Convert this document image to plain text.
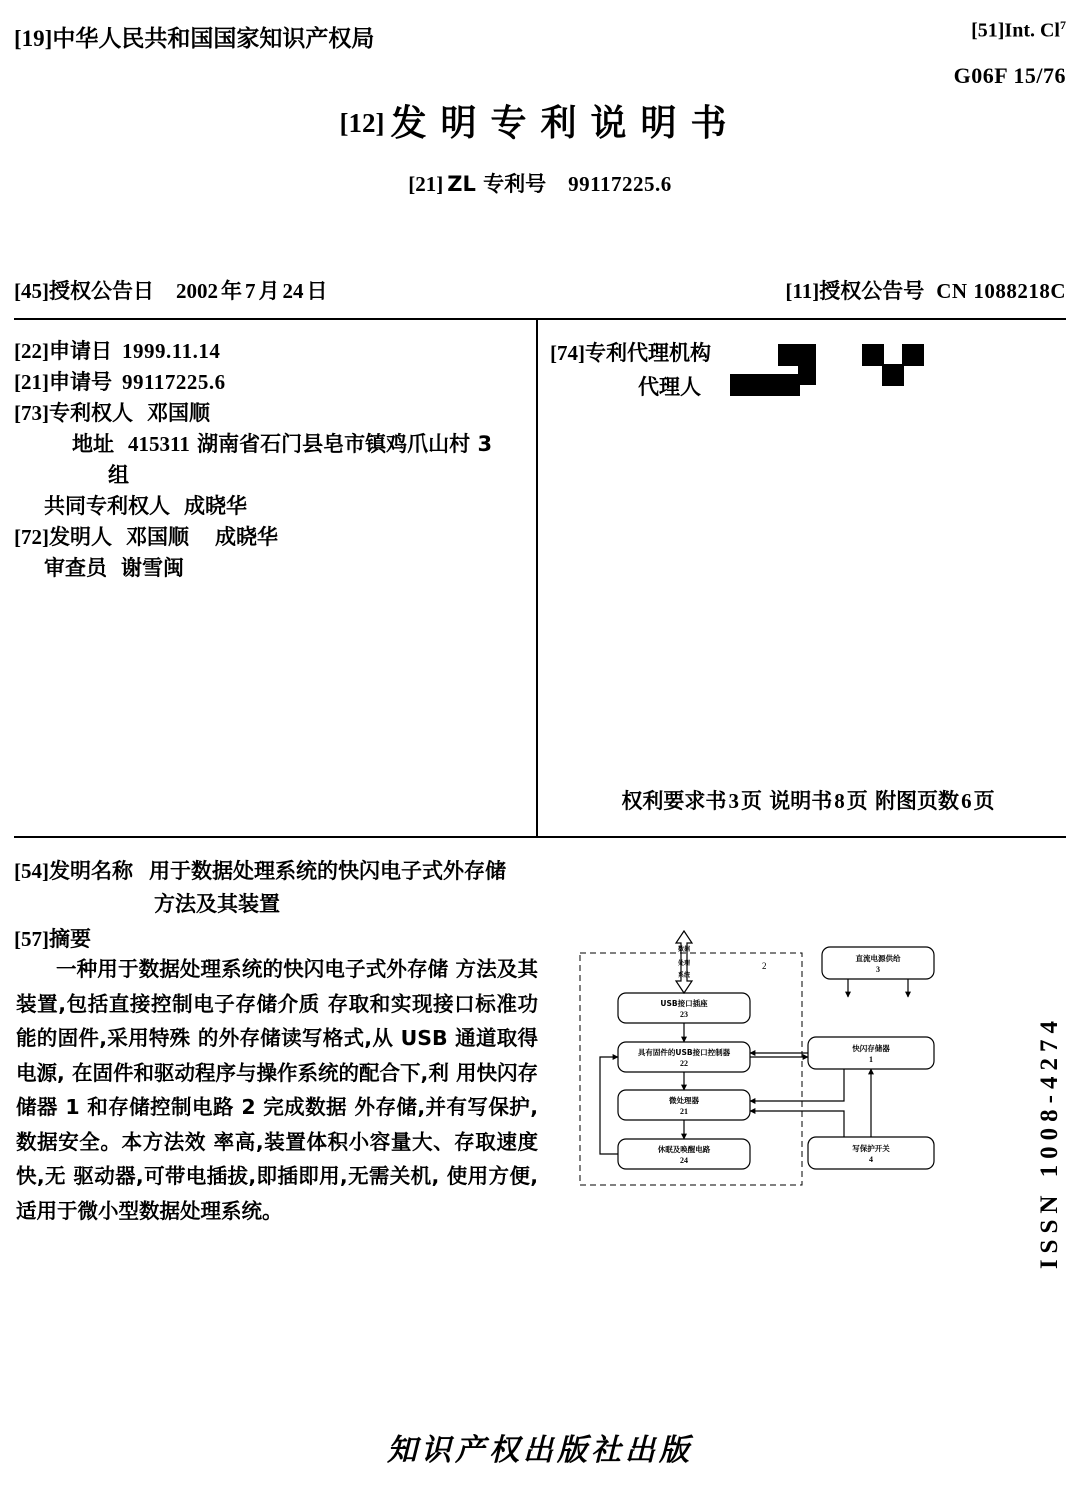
[19]中华人民共和国国家知识产权局	[51]Int. Cl$^7$
G06F 15/76
[12] 发明专利说明书
[21] ZL 专利号 99117225.6
[45]授权公告日 2002 年 7 月 24 日	[11]授权公告号 CN 1088218C
[22]申请日 1999.11.14
[21]申请号 99117225.6
[73]专利权人 邓国顺
地址 415311 湖南省石门县皂市镇鸡爪山村 3
组
共同专利权人 成晓华
[72]发明人 邓国顺 成晓华
审查员 谢雪闽
[74]专利代理机构
代理人
权利要求书3页 说明书8页 附图页数6页
[54]发明名称 用于数据处理系统的快闪电子式外存储
方法及其装置
[57]摘要
一种用于数据处理系统的快闪电子式外存储 方法及其装置,包括直接控制电子存储介质 存取和实现接口标准功能的固件,采用特殊 的外存储读写格式,从 USB 通道取得电源, 在固件和驱动程序与操作系统的配合下,利 用快闪存储器 1 和存储控制电路 2 完成数据 外存储,并有写保护,数据安全。本方法效 率高,装置体积小容量大、存取速度快,无 驱动器,可带电插拔,即插即用,无需关机, 使用方便,适用于微小型数据处理系统。
2
数据
处理
系统
USB接口插座
23
具有固件的USB接口控制器
22
微处理器
21
休眠及唤醒电路
24
直流电源供给
3
快闪存储器
1
写保护开关
4	ISSN 1008-4274
知识产权出版社出版
